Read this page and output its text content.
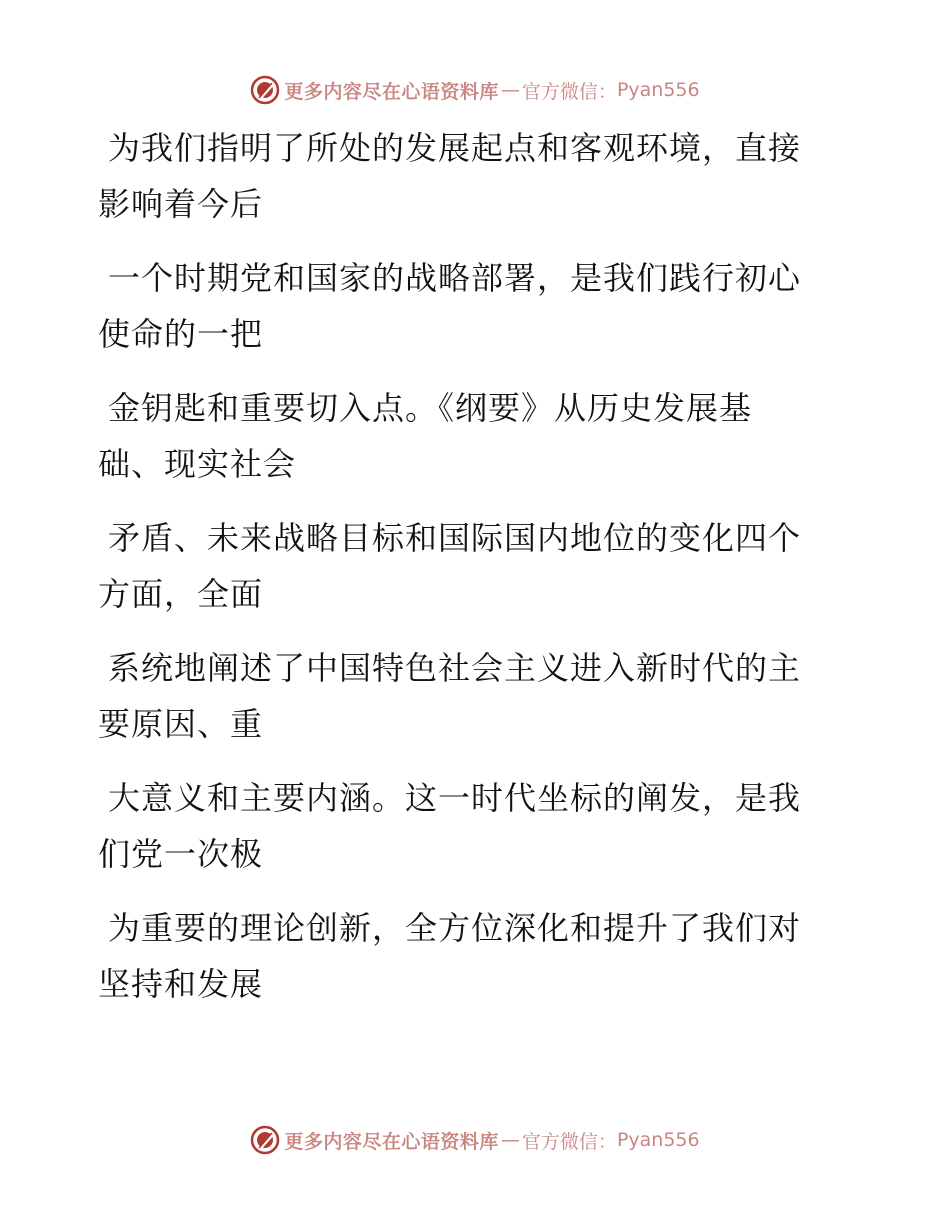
更多内容尽在心语资料库 — 官方微信： Pyan556
为我们指明了所处的发展起点和客观环境，直接
影响着今后
一个时期党和国家的战略部署，是我们践行初心
使命的一把
金钥匙和重要切入点。《纲要》从历史发展基
础、现实社会
矛盾、未来战略目标和国际国内地位的变化四个
方面，全面
系统地阐述了中国特色社会主义进入新时代的主
要原因、重
大意义和主要内涵。这一时代坐标的阐发，是我
们党一次极
为重要的理论创新，全方位深化和提升了我们对
坚持和发展
更多内容尽在心语资料库 — 官方微信： Pyan556
